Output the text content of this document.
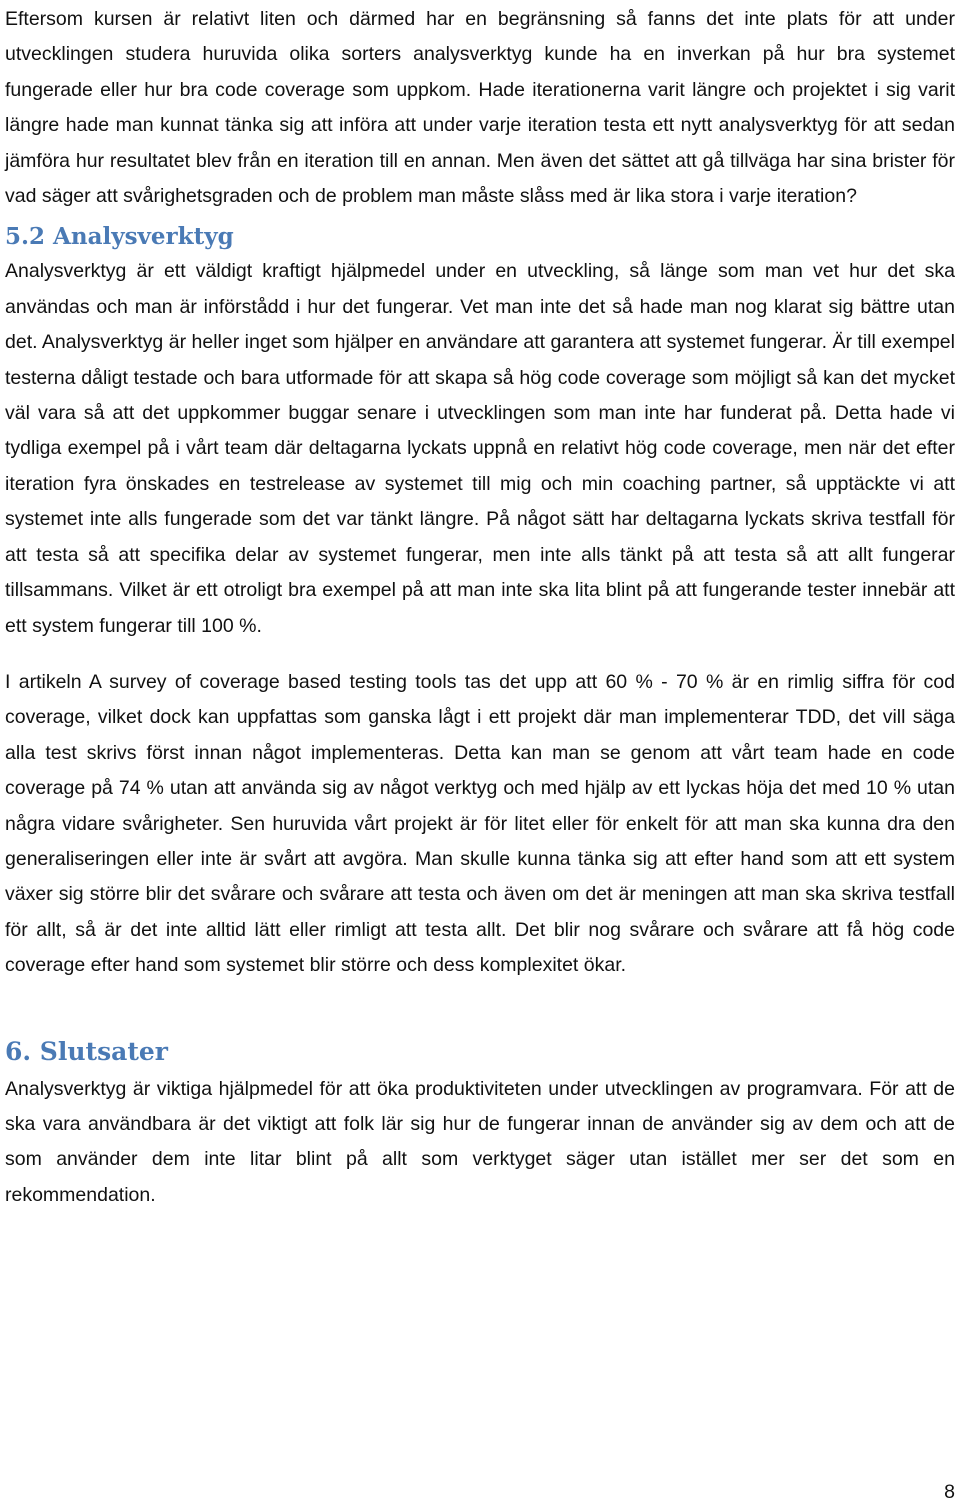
Eftersom kursen är relativt liten och därmed har en begränsning så fanns det inte plats för att under utvecklingen studera huruvida olika sorters analysverktyg kunde ha en inverkan på hur bra systemet fungerade eller hur bra code coverage som uppkom. Hade iterationerna varit längre och projektet i sig varit längre hade man kunnat tänka sig att införa att under varje iteration testa ett nytt analysverktyg för att sedan jämföra hur resultatet blev från en iteration till en annan. Men även det sättet att gå tillväga har sina brister för vad säger att svårighetsgraden och de problem man måste slåss med är lika stora i varje iteration?

5.2 Analysverktyg

Analysverktyg är ett väldigt kraftigt hjälpmedel under en utveckling, så länge som man vet hur det ska användas och man är införstådd i hur det fungerar. Vet man inte det så hade man nog klarat sig bättre utan det. Analysverktyg är heller inget som hjälper en användare att garantera att systemet fungerar. Är till exempel testerna dåligt testade och bara utformade för att skapa så hög code coverage som möjligt så kan det mycket väl vara så att det uppkommer buggar senare i utvecklingen som man inte har funderat på. Detta hade vi tydliga exempel på i vårt team där deltagarna lyckats uppnå en relativt hög code coverage, men när det efter iteration fyra önskades en testrelease av systemet till mig och min coaching partner, så upptäckte vi att systemet inte alls fungerade som det var tänkt längre. På något sätt har deltagarna lyckats skriva testfall för att testa så att specifika delar av systemet fungerar, men inte alls tänkt på att testa så att allt fungerar tillsammans. Vilket är ett otroligt bra exempel på att man inte ska lita blint på att fungerande tester innebär att ett system fungerar till 100 %.

I artikeln A survey of coverage based testing tools tas det upp att 60 % - 70 % är en rimlig siffra för cod coverage, vilket dock kan uppfattas som ganska lågt i ett projekt där man implementerar TDD, det vill säga alla test skrivs först innan något implementeras. Detta kan man se genom att vårt team hade en code coverage på 74 % utan att använda sig av något verktyg och med hjälp av ett lyckas höja det med 10 % utan några vidare svårigheter. Sen huruvida vårt projekt är för litet eller för enkelt för att man ska kunna dra den generaliseringen eller inte är svårt att avgöra. Man skulle kunna tänka sig att efter hand som att ett system växer sig större blir det svårare och svårare att testa och även om det är meningen att man ska skriva testfall för allt, så är det inte alltid lätt eller rimligt att testa allt. Det blir nog svårare och svårare att få hög code coverage efter hand som systemet blir större och dess komplexitet ökar.

6. Slutsater

Analysverktyg är viktiga hjälpmedel för att öka produktiviteten under utvecklingen av programvara. För att de ska vara användbara är det viktigt att folk lär sig hur de fungerar innan de använder sig av dem och att de som använder dem inte litar blint på allt som verktyget säger utan istället mer ser det som en rekommendation.

8
